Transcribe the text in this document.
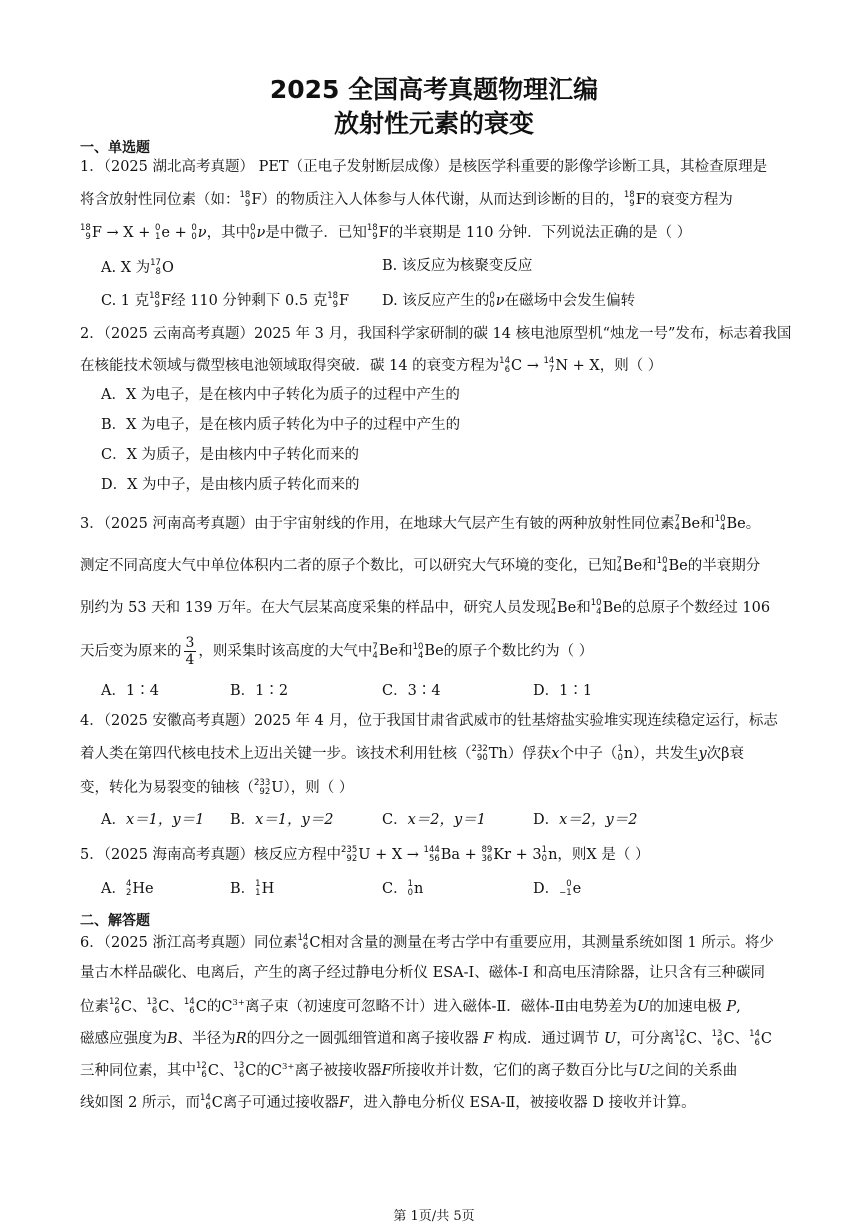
2025 全国高考真题物理汇编
放射性元素的衰变
一、单选题
1．（2025 湖北高考真题） PET（正电子发射断层成像）是核医学科重要的影像学诊断工具，其检查原理是
将含放射性同位素（如： 18
9 F）的物质注入人体参与人体代谢，从而达到诊断的目的， 18
9 F的衰变方程为
18
9 F → X + 0
1 e + 0
0 ν ，其中 0
0 ν 是中微子．已知 18
9 F的半衰期是 110 分钟．下列说法正确的是（ ）
A. X 为 17
8 O	B. 该反应为核聚变反应
C. 1 克 18
9 F经 110 分钟剩下 0.5 克 18
9 F D. 该反应产生的 0
0 ν 在磁场中会发生偏转
2．（2025 云南高考真题）2025 年 3 月，我国科学家研制的碳 14 核电池原型机“烛龙一号”发布，标志着我国
在核能技术领域与微型核电池领域取得突破．碳 14 的衰变方程为 14
6 C → 14
7 N + X，则（ ）
A．X 为电子，是在核内中子转化为质子的过程中产生的
B．X 为电子，是在核内质子转化为中子的过程中产生的
C．X 为质子，是由核内中子转化而来的
D．X 为中子，是由核内质子转化而来的
3．（2025 河南高考真题）由于宇宙射线的作用，在地球大气层产生有铍的两种放射性同位素 7
4 Be和 10
4 Be。
测定不同高度大气中单位体积内二者的原子个数比，可以研究大气环境的变化，已知 7
4 Be和 10
4 Be的半衰期分
别约为 53 天和 139 万年。在大气层某高度采集的样品中，研究人员发现 7
4 Be和 10
4 Be的总原子个数经过 106
天后变为原来的 $\frac{3}{4}$ ，则采集时该高度的大气中 7
4 Be和 10
4 Be的原子个数比约为（ ）
A．1∶4	B．1∶2	C．3∶4	D．1∶1
4．（2025 安徽高考真题）2025 年 4 月，位于我国甘肃省武威市的钍基熔盐实验堆实现连续稳定运行，标志
着人类在第四代核电技术上迈出关键一步。该技术利用钍核（ 232
90 Th）俘获x个中子（ 1
0 n），共发生y次β衰
变，转化为易裂变的铀核（ 233
92 U），则（ ）
A．x＝1，y＝1 B．x＝1，y＝2	C．x＝2，y＝1	D．x＝2，y＝2
5．（2025 海南高考真题）核反应方程中 235
92 U + X → 144
56 Ba + 89
36 Kr + 3 1
0 n，则X 是（ ）
A． 4
2 He	B． 1
1 H	C． 1
0 n	D． 0
−1 e
二、解答题
6．（2025 浙江高考真题）同位素 14
6 C相对含量的测量在考古学中有重要应用，其测量系统如图 1 所示。将少
量古木样品碳化、电离后，产生的离子经过静电分析仪 ESA-I、磁体-I 和高电压清除器，让只含有三种碳同
位素 12
6 C、 13
6 C、 14
6 C的$C^{3+}$离子束（初速度可忽略不计）进入磁体-Ⅱ．磁体-Ⅱ由电势差为U的加速电极 P,
磁感应强度为B、半径为R的四分之一圆弧细管道和离子接收器 F 构成．通过调节 U，可分离 12
6 C、 13
6 C、 14
6 C
三种同位素，其中 12
6 C、 13
6 C的$C^{3+}$离子被接收器F所接收并计数，它们的离子数百分比与U之间的关系曲
线如图 2 所示，而 14
6 C离子可通过接收器F，进入静电分析仪 ESA-Ⅱ，被接收器 D 接收并计算。
第 1页/共 5页
